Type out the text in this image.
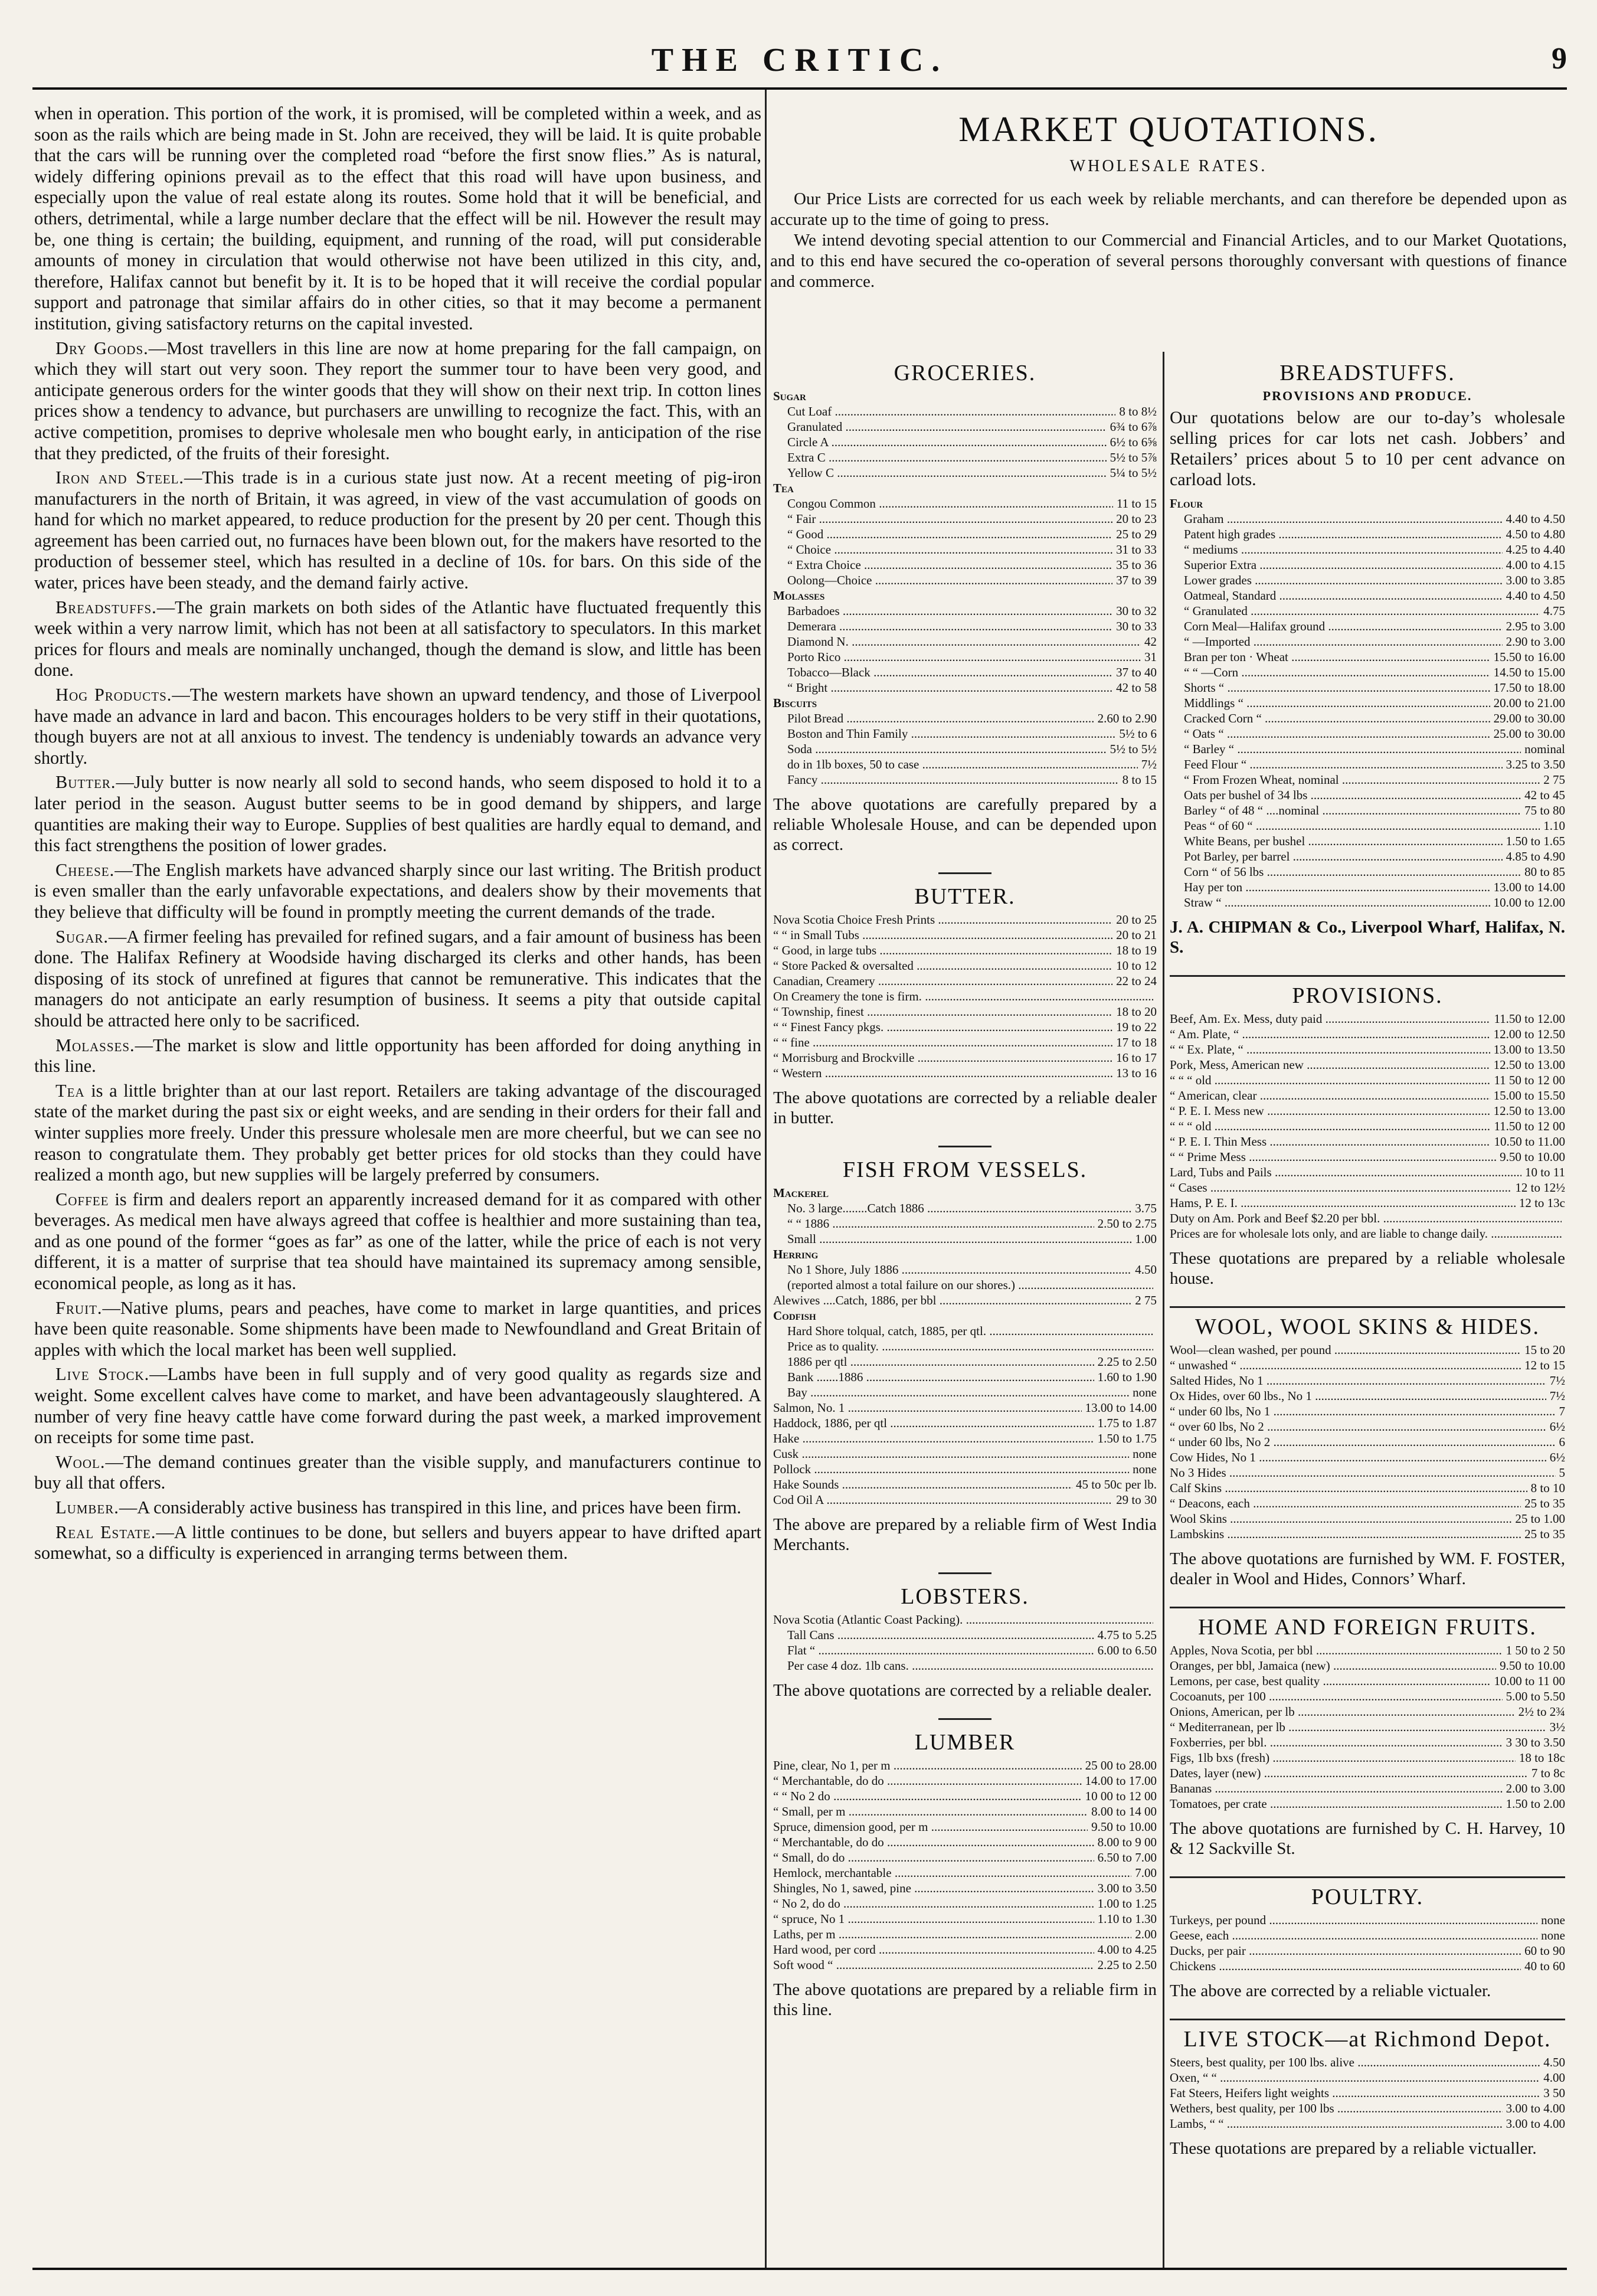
THE CRITIC.	9

when in operation. This portion of the work, it is promised, will be completed within a week, and as soon as the rails which are being made in St. John are received, they will be laid. It is quite probable that the cars will be running over the completed road “before the first snow flies.” As is natural, widely differing opinions prevail as to the effect that this road will have upon business, and especially upon the value of real estate along its routes. Some hold that it will be beneficial, and others, detrimental, while a large number declare that the effect will be nil. However the result may be, one thing is certain; the building, equipment, and running of the road, will put considerable amounts of money in circulation that would otherwise not have been utilized in this city, and, therefore, Halifax cannot but benefit by it. It is to be hoped that it will receive the cordial popular support and patronage that similar affairs do in other cities, so that it may become a permanent institution, giving satisfactory returns on the capital invested.

Dry Goods.—Most travellers in this line are now at home preparing for the fall campaign, on which they will start out very soon. They report the summer tour to have been very good, and anticipate generous orders for the winter goods that they will show on their next trip. In cotton lines prices show a tendency to advance, but purchasers are unwilling to recognize the fact. This, with an active competition, promises to deprive wholesale men who bought early, in anticipation of the rise that they predicted, of the fruits of their foresight.

Iron and Steel.—This trade is in a curious state just now. At a recent meeting of pig-iron manufacturers in the north of Britain, it was agreed, in view of the vast accumulation of goods on hand for which no market appeared, to reduce production for the present by 20 per cent. Though this agreement has been carried out, no furnaces have been blown out, for the makers have resorted to the production of bessemer steel, which has resulted in a decline of 10s. for bars. On this side of the water, prices have been steady, and the demand fairly active.

Breadstuffs.—The grain markets on both sides of the Atlantic have fluctuated frequently this week within a very narrow limit, which has not been at all satisfactory to speculators. In this market prices for flours and meals are nominally unchanged, though the demand is slow, and little has been done.

Hog Products.—The western markets have shown an upward tendency, and those of Liverpool have made an advance in lard and bacon. This encourages holders to be very stiff in their quotations, though buyers are not at all anxious to invest. The tendency is undeniably towards an advance very shortly.

Butter.—July butter is now nearly all sold to second hands, who seem disposed to hold it to a later period in the season. August butter seems to be in good demand by shippers, and large quantities are making their way to Europe. Supplies of best qualities are hardly equal to demand, and this fact strengthens the position of lower grades.

Cheese.—The English markets have advanced sharply since our last writing. The British product is even smaller than the early unfavorable expectations, and dealers show by their movements that they believe that difficulty will be found in promptly meeting the current demands of the trade.

Sugar.—A firmer feeling has prevailed for refined sugars, and a fair amount of business has been done. The Halifax Refinery at Woodside having discharged its clerks and other hands, has been disposing of its stock of unrefined at figures that cannot be remunerative. This indicates that the managers do not anticipate an early resumption of business. It seems a pity that outside capital should be attracted here only to be sacrificed.

Molasses.—The market is slow and little opportunity has been afforded for doing anything in this line.

Tea is a little brighter than at our last report. Retailers are taking advantage of the discouraged state of the market during the past six or eight weeks, and are sending in their orders for their fall and winter supplies more freely. Under this pressure wholesale men are more cheerful, but we can see no reason to congratulate them. They probably get better prices for old stocks than they could have realized a month ago, but new supplies will be largely preferred by consumers.

Coffee is firm and dealers report an apparently increased demand for it as compared with other beverages. As medical men have always agreed that coffee is healthier and more sustaining than tea, and as one pound of the former “goes as far” as one of the latter, while the price of each is not very different, it is a matter of surprise that tea should have maintained its supremacy among sensible, economical people, as long as it has.

Fruit.—Native plums, pears and peaches, have come to market in large quantities, and prices have been quite reasonable. Some shipments have been made to Newfoundland and Great Britain of apples with which the local market has been well supplied.

Live Stock.—Lambs have been in full supply and of very good quality as regards size and weight. Some excellent calves have come to market, and have been advantageously slaughtered. A number of very fine heavy cattle have come forward during the past week, a marked improvement on receipts for some time past.

Wool.—The demand continues greater than the visible supply, and manufacturers continue to buy all that offers.

Lumber.—A considerably active business has transpired in this line, and prices have been firm.

Real Estate.—A little continues to be done, but sellers and buyers appear to have drifted apart somewhat, so a difficulty is experienced in arranging terms between them.

MARKET QUOTATIONS.
WHOLESALE RATES.

Our Price Lists are corrected for us each week by reliable merchants, and can therefore be depended upon as accurate up to the time of going to press.

We intend devoting special attention to our Commercial and Financial Articles, and to our Market Quotations, and to this end have secured the co-operation of several persons thoroughly conversant with questions of finance and commerce.

GROCERIES.
Sugar
Cut Loaf .....	8 to 8½
Granulated .....	6¾ to 6⅞
Circle A .....	6½ to 6⅝
Extra C .....	5½ to 5⅞
Yellow C .....	5¼ to 5½
Tea
Congou Common .....	11 to 15
“ Fair .....	20 to 23
“ Good .....	25 to 29
“ Choice .....	31 to 33
“ Extra Choice .....	35 to 36
Oolong—Choice .....	37 to 39
Molasses
Barbadoes .....	30 to 32
Demerara .....	30 to 33
Diamond N. .....	42
Porto Rico .....	31
Tobacco—Black .....	37 to 40
“ Bright .....	42 to 58
Biscuits
Pilot Bread .....	2.60 to 2.90
Boston and Thin Family .....	5½ to 6
Soda .....	5½ to 5½
do in 1lb boxes, 50 to case .....	7½
Fancy .....	8 to 15
The above quotations are carefully prepared by a reliable Wholesale House, and can be depended upon as correct.
BUTTER.
Nova Scotia Choice Fresh Prints .....	20 to 25
“ “ in Small Tubs .....	20 to 21
“ Good, in large tubs .....	18 to 19
“ Store Packed & oversalted .....	10 to 12
Canadian, Creamery .....	22 to 24
On Creamery the tone is firm. .....
“ Township, finest .....	18 to 20
“ “ Finest Fancy pkgs. .....	19 to 22
“ “ fine .....	17 to 18
“ Morrisburg and Brockville .....	16 to 17
“ Western .....	13 to 16
The above quotations are corrected by a reliable dealer in butter.
FISH FROM VESSELS.
Mackerel
No. 3 large........Catch 1886 .....	3.75
“ “ 1886 .....	2.50 to 2.75
Small .....	1.00
Herring
No 1 Shore, July 1886 .....	4.50
(reported almost a total failure on our shores.) .....
Alewives ....Catch, 1886, per bbl .....	2 75
Codfish
Hard Shore tolqual, catch, 1885, per qtl. .....
Price as to quality. .....
1886 per qtl .....	2.25 to 2.50
Bank .......1886 .....	1.60 to 1.90
Bay .....	none
Salmon, No. 1 .....	13.00 to 14.00
Haddock, 1886, per qtl .....	1.75 to 1.87
Hake .....	1.50 to 1.75
Cusk .....	none
Pollock .....	none
Hake Sounds .....	45 to 50c per lb.
Cod Oil A .....	29 to 30
The above are prepared by a reliable firm of West India Merchants.
LOBSTERS.
Nova Scotia (Atlantic Coast Packing). .....
Tall Cans .....	4.75 to 5.25
Flat “ .....	6.00 to 6.50
Per case 4 doz. 1lb cans. .....
The above quotations are corrected by a reliable dealer.
LUMBER
Pine, clear, No 1, per m .....	25 00 to 28.00
“ Merchantable, do do .....	14.00 to 17.00
“ “ No 2 do .....	10 00 to 12 00
“ Small, per m .....	8.00 to 14 00
Spruce, dimension good, per m .....	9.50 to 10.00
“ Merchantable, do do .....	8.00 to 9 00
“ Small, do do .....	6.50 to 7.00
Hemlock, merchantable .....	7.00
Shingles, No 1, sawed, pine .....	3.00 to 3.50
“ No 2, do do .....	1.00 to 1.25
“ spruce, No 1 .....	1.10 to 1.30
Laths, per m .....	2.00
Hard wood, per cord .....	4.00 to 4.25
Soft wood “ .....	2.25 to 2.50
The above quotations are prepared by a reliable firm in this line.
BREADSTUFFS.
PROVISIONS AND PRODUCE.
Our quotations below are our to-day’s wholesale selling prices for car lots net cash. Jobbers’ and Retailers’ prices about 5 to 10 per cent advance on carload lots.
Flour
Graham .....	4.40 to 4.50
Patent high grades .....	4.50 to 4.80
“ mediums .....	4.25 to 4.40
Superior Extra .....	4.00 to 4.15
Lower grades .....	3.00 to 3.85
Oatmeal, Standard .....	4.40 to 4.50
“ Granulated .....	4.75
Corn Meal—Halifax ground .....	2.95 to 3.00
“ —Imported .....	2.90 to 3.00
Bran per ton · Wheat .....	15.50 to 16.00
“ “ —Corn .....	14.50 to 15.00
Shorts “ .....	17.50 to 18.00
Middlings “ .....	20.00 to 21.00
Cracked Corn “ .....	29.00 to 30.00
“ Oats “ .....	25.00 to 30.00
“ Barley “ .....	nominal
Feed Flour “ .....	3.25 to 3.50
“ From Frozen Wheat, nominal .....	2 75
Oats per bushel of 34 lbs .....	42 to 45
Barley “ of 48 “ ....nominal .....	75 to 80
Peas “ of 60 “ .....	1.10
White Beans, per bushel .....	1.50 to 1.65
Pot Barley, per barrel .....	4.85 to 4.90
Corn “ of 56 lbs .....	80 to 85
Hay per ton .....	13.00 to 14.00
Straw “ .....	10.00 to 12.00
J. A. CHIPMAN & Co., Liverpool Wharf, Halifax, N. S.
PROVISIONS.
Beef, Am. Ex. Mess, duty paid .....	11.50 to 12.00
“ Am. Plate, “ .....	12.00 to 12.50
“ “ Ex. Plate, “ .....	13.00 to 13.50
Pork, Mess, American new .....	12.50 to 13.00
“ “ “ old .....	11 50 to 12 00
“ American, clear .....	15.00 to 15.50
“ P. E. I. Mess new .....	12.50 to 13.00
“ “ “ old .....	11.50 to 12 00
“ P. E. I. Thin Mess .....	10.50 to 11.00
“ “ Prime Mess .....	9.50 to 10.00
Lard, Tubs and Pails .....	10 to 11
“ Cases .....	12 to 12½
Hams, P. E. I. .....	12 to 13c
Duty on Am. Pork and Beef $2.20 per bbl. .....
Prices are for wholesale lots only, and are liable to change daily. .....
These quotations are prepared by a reliable wholesale house.
WOOL, WOOL SKINS & HIDES.
Wool—clean washed, per pound .....	15 to 20
“ unwashed “ .....	12 to 15
Salted Hides, No 1 .....	7½
Ox Hides, over 60 lbs., No 1 .....	7½
“ under 60 lbs, No 1 .....	7
“ over 60 lbs, No 2 .....	6½
“ under 60 lbs, No 2 .....	6
Cow Hides, No 1 .....	6½
No 3 Hides .....	5
Calf Skins .....	8 to 10
“ Deacons, each .....	25 to 35
Wool Skins .....	25 to 1.00
Lambskins .....	25 to 35
The above quotations are furnished by WM. F. FOSTER, dealer in Wool and Hides, Connors’ Wharf.
HOME AND FOREIGN FRUITS.
Apples, Nova Scotia, per bbl .....	1 50 to 2 50
Oranges, per bbl, Jamaica (new) .....	9.50 to 10.00
Lemons, per case, best quality .....	10.00 to 11 00
Cocoanuts, per 100 .....	5.00 to 5.50
Onions, American, per lb .....	2½ to 2¾
“ Mediterranean, per lb .....	3½
Foxberries, per bbl. .....	3 30 to 3.50
Figs, 1lb bxs (fresh) .....	18 to 18c
Dates, layer (new) .....	7 to 8c
Bananas .....	2.00 to 3.00
Tomatoes, per crate .....	1.50 to 2.00
The above quotations are furnished by C. H. Harvey, 10 & 12 Sackville St.
POULTRY.
Turkeys, per pound .....	none
Geese, each .....	none
Ducks, per pair .....	60 to 90
Chickens .....	40 to 60
The above are corrected by a reliable victualer.
LIVE STOCK—at Richmond Depot.
Steers, best quality, per 100 lbs. alive .....	4.50
Oxen, “ “ .....	4.00
Fat Steers, Heifers light weights .....	3 50
Wethers, best quality, per 100 lbs .....	3.00 to 4.00
Lambs, “ “ .....	3.00 to 4.00
These quotations are prepared by a reliable victualler.
